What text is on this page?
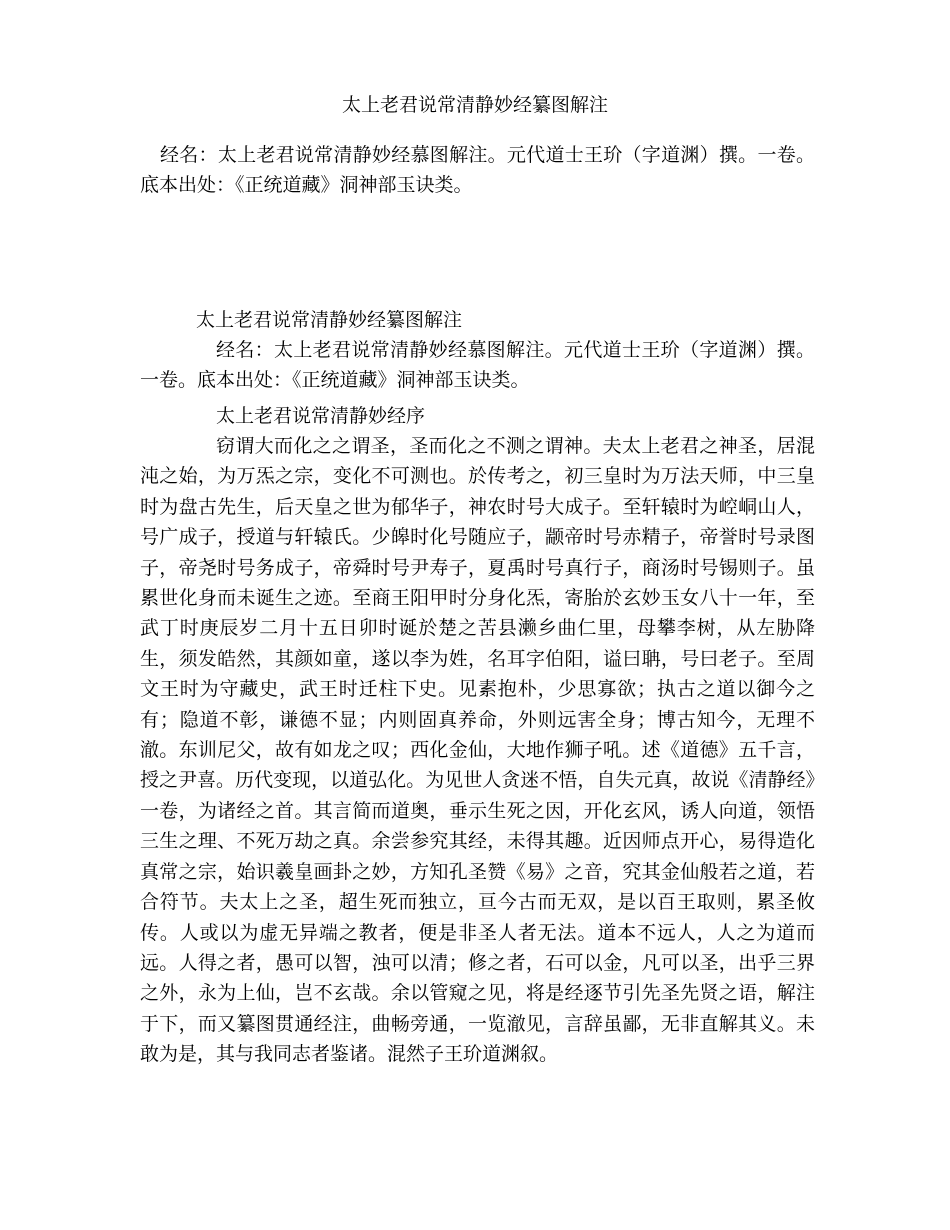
太上老君说常清静妙经纂图解注

经名：太上老君说常清静妙经慕图解注。元代道士王玠（字道渊）撰。一卷。底本出处：《正统道藏》洞神部玉诀类。

太上老君说常清静妙经纂图解注

经名：太上老君说常清静妙经慕图解注。元代道士王玠（字道渊）撰。一卷。底本出处：《正统道藏》洞神部玉诀类。

太上老君说常清静妙经序

窃谓大而化之之谓圣，圣而化之不测之谓神。夫太上老君之神圣，居混沌之始，为万炁之宗，变化不可测也。於传考之，初三皇时为万法天师，中三皇时为盘古先生，后天皇之世为郁华子，神农时号大成子。至轩辕时为崆峒山人，号广成子，授道与轩辕氏。少皞时化号随应子，颛帝时号赤精子，帝誉时号录图子，帝尧时号务成子，帝舜时号尹寿子，夏禹时号真行子，商汤时号锡则子。虽累世化身而未诞生之迹。至商王阳甲时分身化炁，寄胎於玄妙玉女八十一年，至武丁时庚辰岁二月十五日卯时诞於楚之苦县濑乡曲仁里，母攀李树，从左胁降生，须发皓然，其颜如童，遂以李为姓，名耳字伯阳，谥曰聃，号曰老子。至周文王时为守藏史，武王时迁柱下史。见素抱朴，少思寡欲；执古之道以御今之有；隐道不彰，谦德不显；内则固真养命，外则远害全身；博古知今，无理不澈。东训尼父，故有如龙之叹；西化金仙，大地作狮子吼。述《道德》五千言，授之尹喜。历代变现，以道弘化。为见世人贪迷不悟，自失元真，故说《清静经》一卷，为诸经之首。其言简而道奥，垂示生死之因，开化玄风，诱人向道，领悟三生之理、不死万劫之真。余尝参究其经，未得其趣。近因师点开心，易得造化真常之宗，始识羲皇画卦之妙，方知孔圣赞《易》之音，究其金仙般若之道，若合符节。夫太上之圣，超生死而独立，亘今古而无双，是以百王取则，累圣攸传。人或以为虚无异端之教者，便是非圣人者无法。道本不远人，人之为道而远。人得之者，愚可以智，浊可以清；修之者，石可以金，凡可以圣，出乎三界之外，永为上仙，岂不玄哉。余以管窥之见，将是经逐节引先圣先贤之语，解注于下，而又纂图贯通经注，曲畅旁通，一览澈见，言辞虽鄙，无非直解其义。未敢为是，其与我同志者鉴诸。混然子王玠道渊叙。
